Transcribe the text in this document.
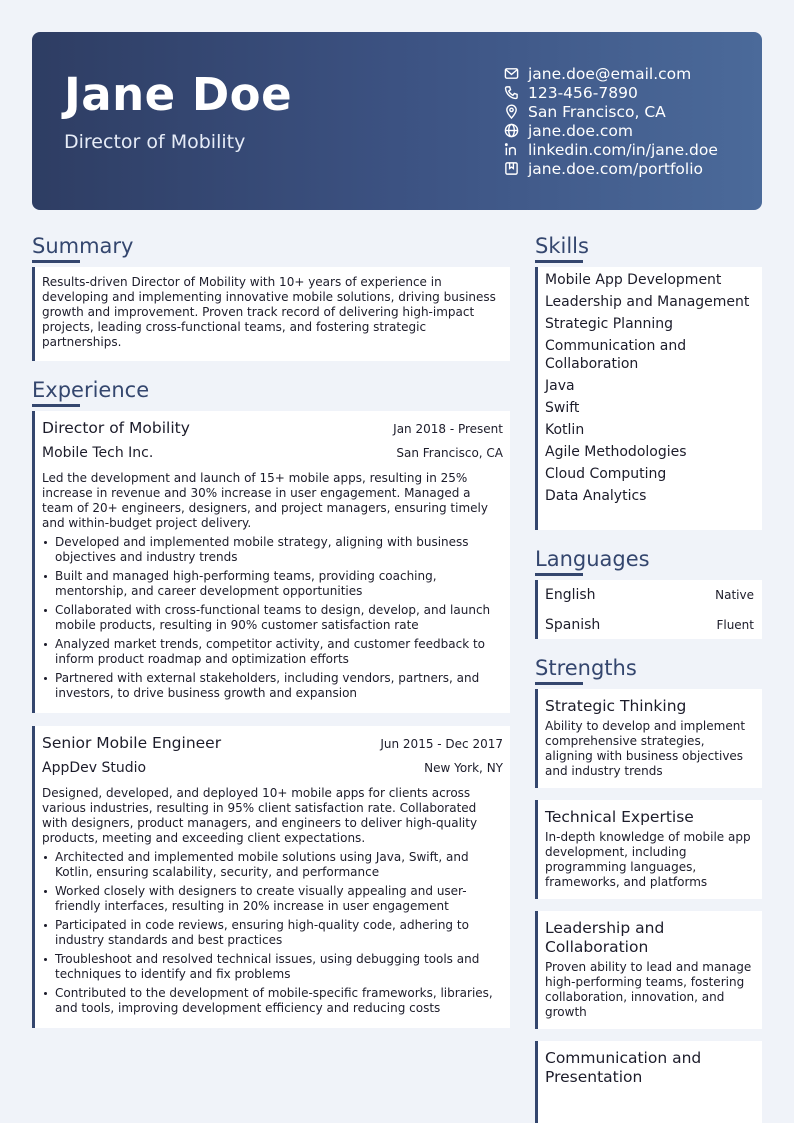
Jane Doe
Director of Mobility
jane.doe@email.com
123-456-7890
San Francisco, CA
jane.doe.com
linkedin.com/in/jane.doe
jane.doe.com/portfolio
Summary
Results-driven Director of Mobility with 10+ years of experience in developing and implementing innovative mobile solutions, driving business growth and improvement. Proven track record of delivering high-impact projects, leading cross-functional teams, and fostering strategic partnerships.
Experience
Director of Mobility	Jan 2018 - Present
Mobile Tech Inc.	San Francisco, CA
Led the development and launch of 15+ mobile apps, resulting in 25% increase in revenue and 30% increase in user engagement. Managed a team of 20+ engineers, designers, and project managers, ensuring timely and within-budget project delivery.
Developed and implemented mobile strategy, aligning with business objectives and industry trends
Built and managed high-performing teams, providing coaching, mentorship, and career development opportunities
Collaborated with cross-functional teams to design, develop, and launch mobile products, resulting in 90% customer satisfaction rate
Analyzed market trends, competitor activity, and customer feedback to inform product roadmap and optimization efforts
Partnered with external stakeholders, including vendors, partners, and investors, to drive business growth and expansion
Senior Mobile Engineer	Jun 2015 - Dec 2017
AppDev Studio	New York, NY
Designed, developed, and deployed 10+ mobile apps for clients across various industries, resulting in 95% client satisfaction rate. Collaborated with designers, product managers, and engineers to deliver high-quality products, meeting and exceeding client expectations.
Architected and implemented mobile solutions using Java, Swift, and Kotlin, ensuring scalability, security, and performance
Worked closely with designers to create visually appealing and user-friendly interfaces, resulting in 20% increase in user engagement
Participated in code reviews, ensuring high-quality code, adhering to industry standards and best practices
Troubleshoot and resolved technical issues, using debugging tools and techniques to identify and fix problems
Contributed to the development of mobile-specific frameworks, libraries, and tools, improving development efficiency and reducing costs
Skills
Mobile App Development
Leadership and Management
Strategic Planning
Communication and Collaboration
Java
Swift
Kotlin
Agile Methodologies
Cloud Computing
Data Analytics
Languages
English	Native
Spanish	Fluent
Strengths
Strategic Thinking
Ability to develop and implement comprehensive strategies, aligning with business objectives and industry trends
Technical Expertise
In-depth knowledge of mobile app development, including programming languages, frameworks, and platforms
Leadership and Collaboration
Proven ability to lead and manage high-performing teams, fostering collaboration, innovation, and growth
Communication and Presentation
